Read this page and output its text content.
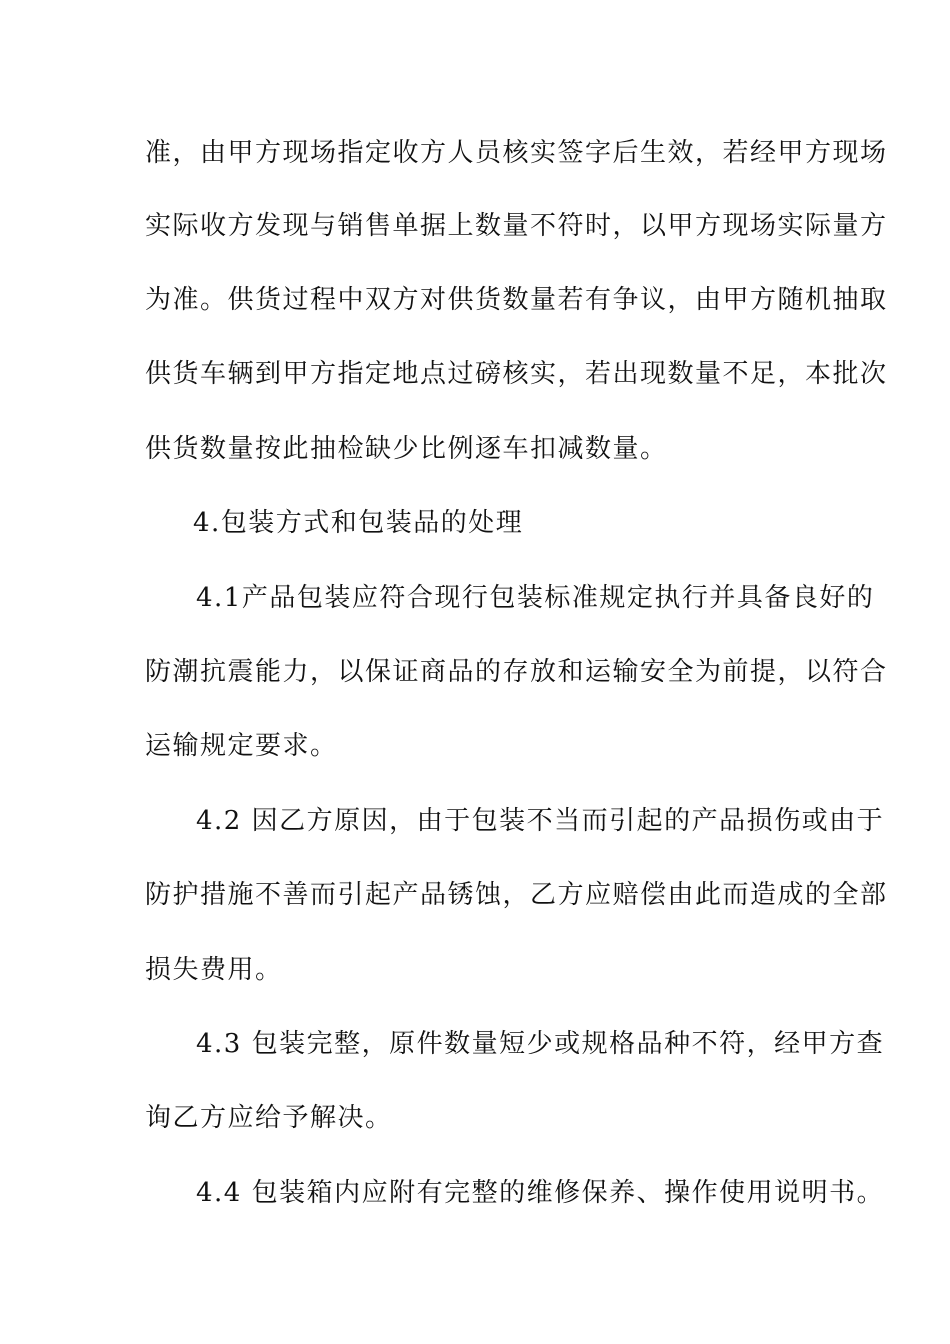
准，由甲方现场指定收方人员核实签字后生效，若经甲方现场
实际收方发现与销售单据上数量不符时，以甲方现场实际量方
为准。供货过程中双方对供货数量若有争议，由甲方随机抽取
供货车辆到甲方指定地点过磅核实，若出现数量不足，本批次
供货数量按此抽检缺少比例逐车扣减数量。
4.包装方式和包装品的处理
4.1产品包装应符合现行包装标准规定执行并具备良好的
防潮抗震能力，以保证商品的存放和运输安全为前提，以符合
运输规定要求。
4.2 因乙方原因，由于包装不当而引起的产品损伤或由于
防护措施不善而引起产品锈蚀，乙方应赔偿由此而造成的全部
损失费用。
4.3 包装完整，原件数量短少或规格品种不符，经甲方查
询乙方应给予解决。
4.4 包装箱内应附有完整的维修保养、操作使用说明书。
